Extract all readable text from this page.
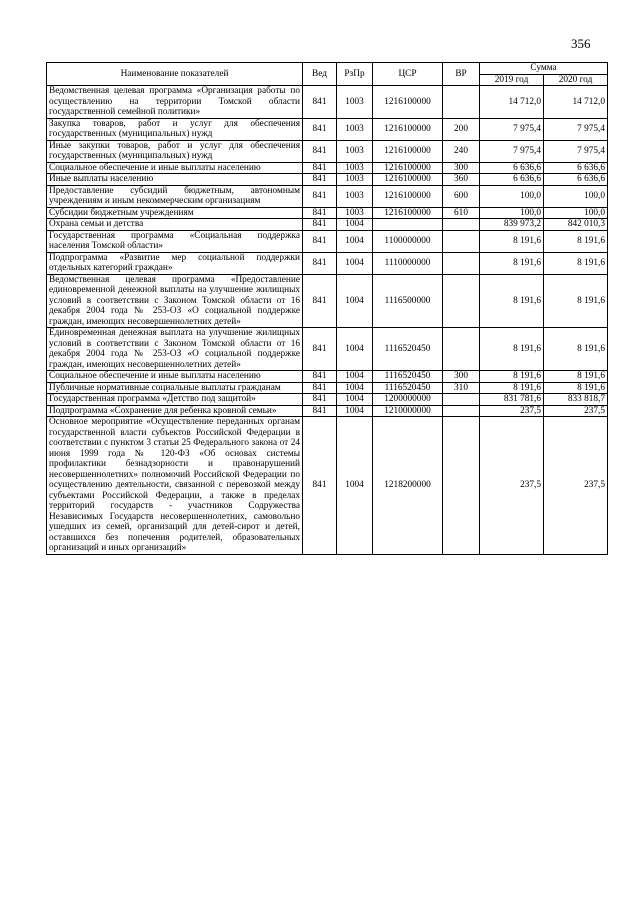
356
Наименование показателей	Вед	РзПр	ЦСР	ВР	Сумма	
					2019 год	2020 год
Ведомственная целевая программа «Организация работы по осуществлению на территории Томской области государственной семейной политики»	841	1003	1216100000		14 712,0	14 712,0
Закупка товаров, работ и услуг для обеспечения государственных (муниципальных) нужд	841	1003	1216100000	200	7 975,4	7 975,4
Иные закупки товаров, работ и услуг для обеспечения государственных (муниципальных) нужд	841	1003	1216100000	240	7 975,4	7 975,4
Социальное обеспечение и иные выплаты населению	841	1003	1216100000	300	6 636,6	6 636,6
Иные выплаты населению	841	1003	1216100000	360	6 636,6	6 636,6
Предоставление субсидий бюджетным, автономным учреждениям и иным некоммерческим организациям	841	1003	1216100000	600	100,0	100,0
Субсидии бюджетным учреждениям	841	1003	1216100000	610	100,0	100,0
Охрана семьи и детства	841	1004			839 973,2	842 010,3
Государственная программа «Социальная поддержка населения Томской области»	841	1004	1100000000		8 191,6	8 191,6
Подпрограмма «Развитие мер социальной поддержки отдельных категорий граждан»	841	1004	1110000000		8 191,6	8 191,6
Ведомственная целевая программа «Предоставление единовременной денежной выплаты на улучшение жилищных условий в соответствии с Законом Томской области от 16 декабря 2004 года № 253-ОЗ «О социальной поддержке граждан, имеющих несовершеннолетних детей»	841	1004	1116500000		8 191,6	8 191,6
Единовременная денежная выплата на улучшение жилищных условий в соответствии с Законом Томской области от 16 декабря 2004 года № 253-ОЗ «О социальной поддержке граждан, имеющих несовершеннолетних детей»	841	1004	1116520450		8 191,6	8 191,6
Социальное обеспечение и иные выплаты населению	841	1004	1116520450	300	8 191,6	8 191,6
Публичные нормативные социальные выплаты гражданам	841	1004	1116520450	310	8 191,6	8 191,6
Государственная программа «Детство под защитой»	841	1004	1200000000		831 781,6	833 818,7
Подпрограмма «Сохранение для ребенка кровной семьи»	841	1004	1210000000		237,5	237,5
Основное мероприятие «Осуществление переданных органам государственной власти субъектов Российской Федерации в соответствии с пунктом 3 статьи 25 Федерального закона от 24 июня 1999 года № 120-ФЗ «Об основах системы профилактики безнадзорности и правонарушений несовершеннолетних» полномочий Российской Федерации по осуществлению деятельности, связанной с перевозкой между субъектами Российской Федерации, а также в пределах территорий государств - участников Содружества Независимых Государств несовершеннолетних, самовольно ушедших из семей, организаций для детей-сирот и детей, оставшихся без попечения родителей, образовательных организаций и иных организаций»	841	1004	1218200000		237,5	237,5
